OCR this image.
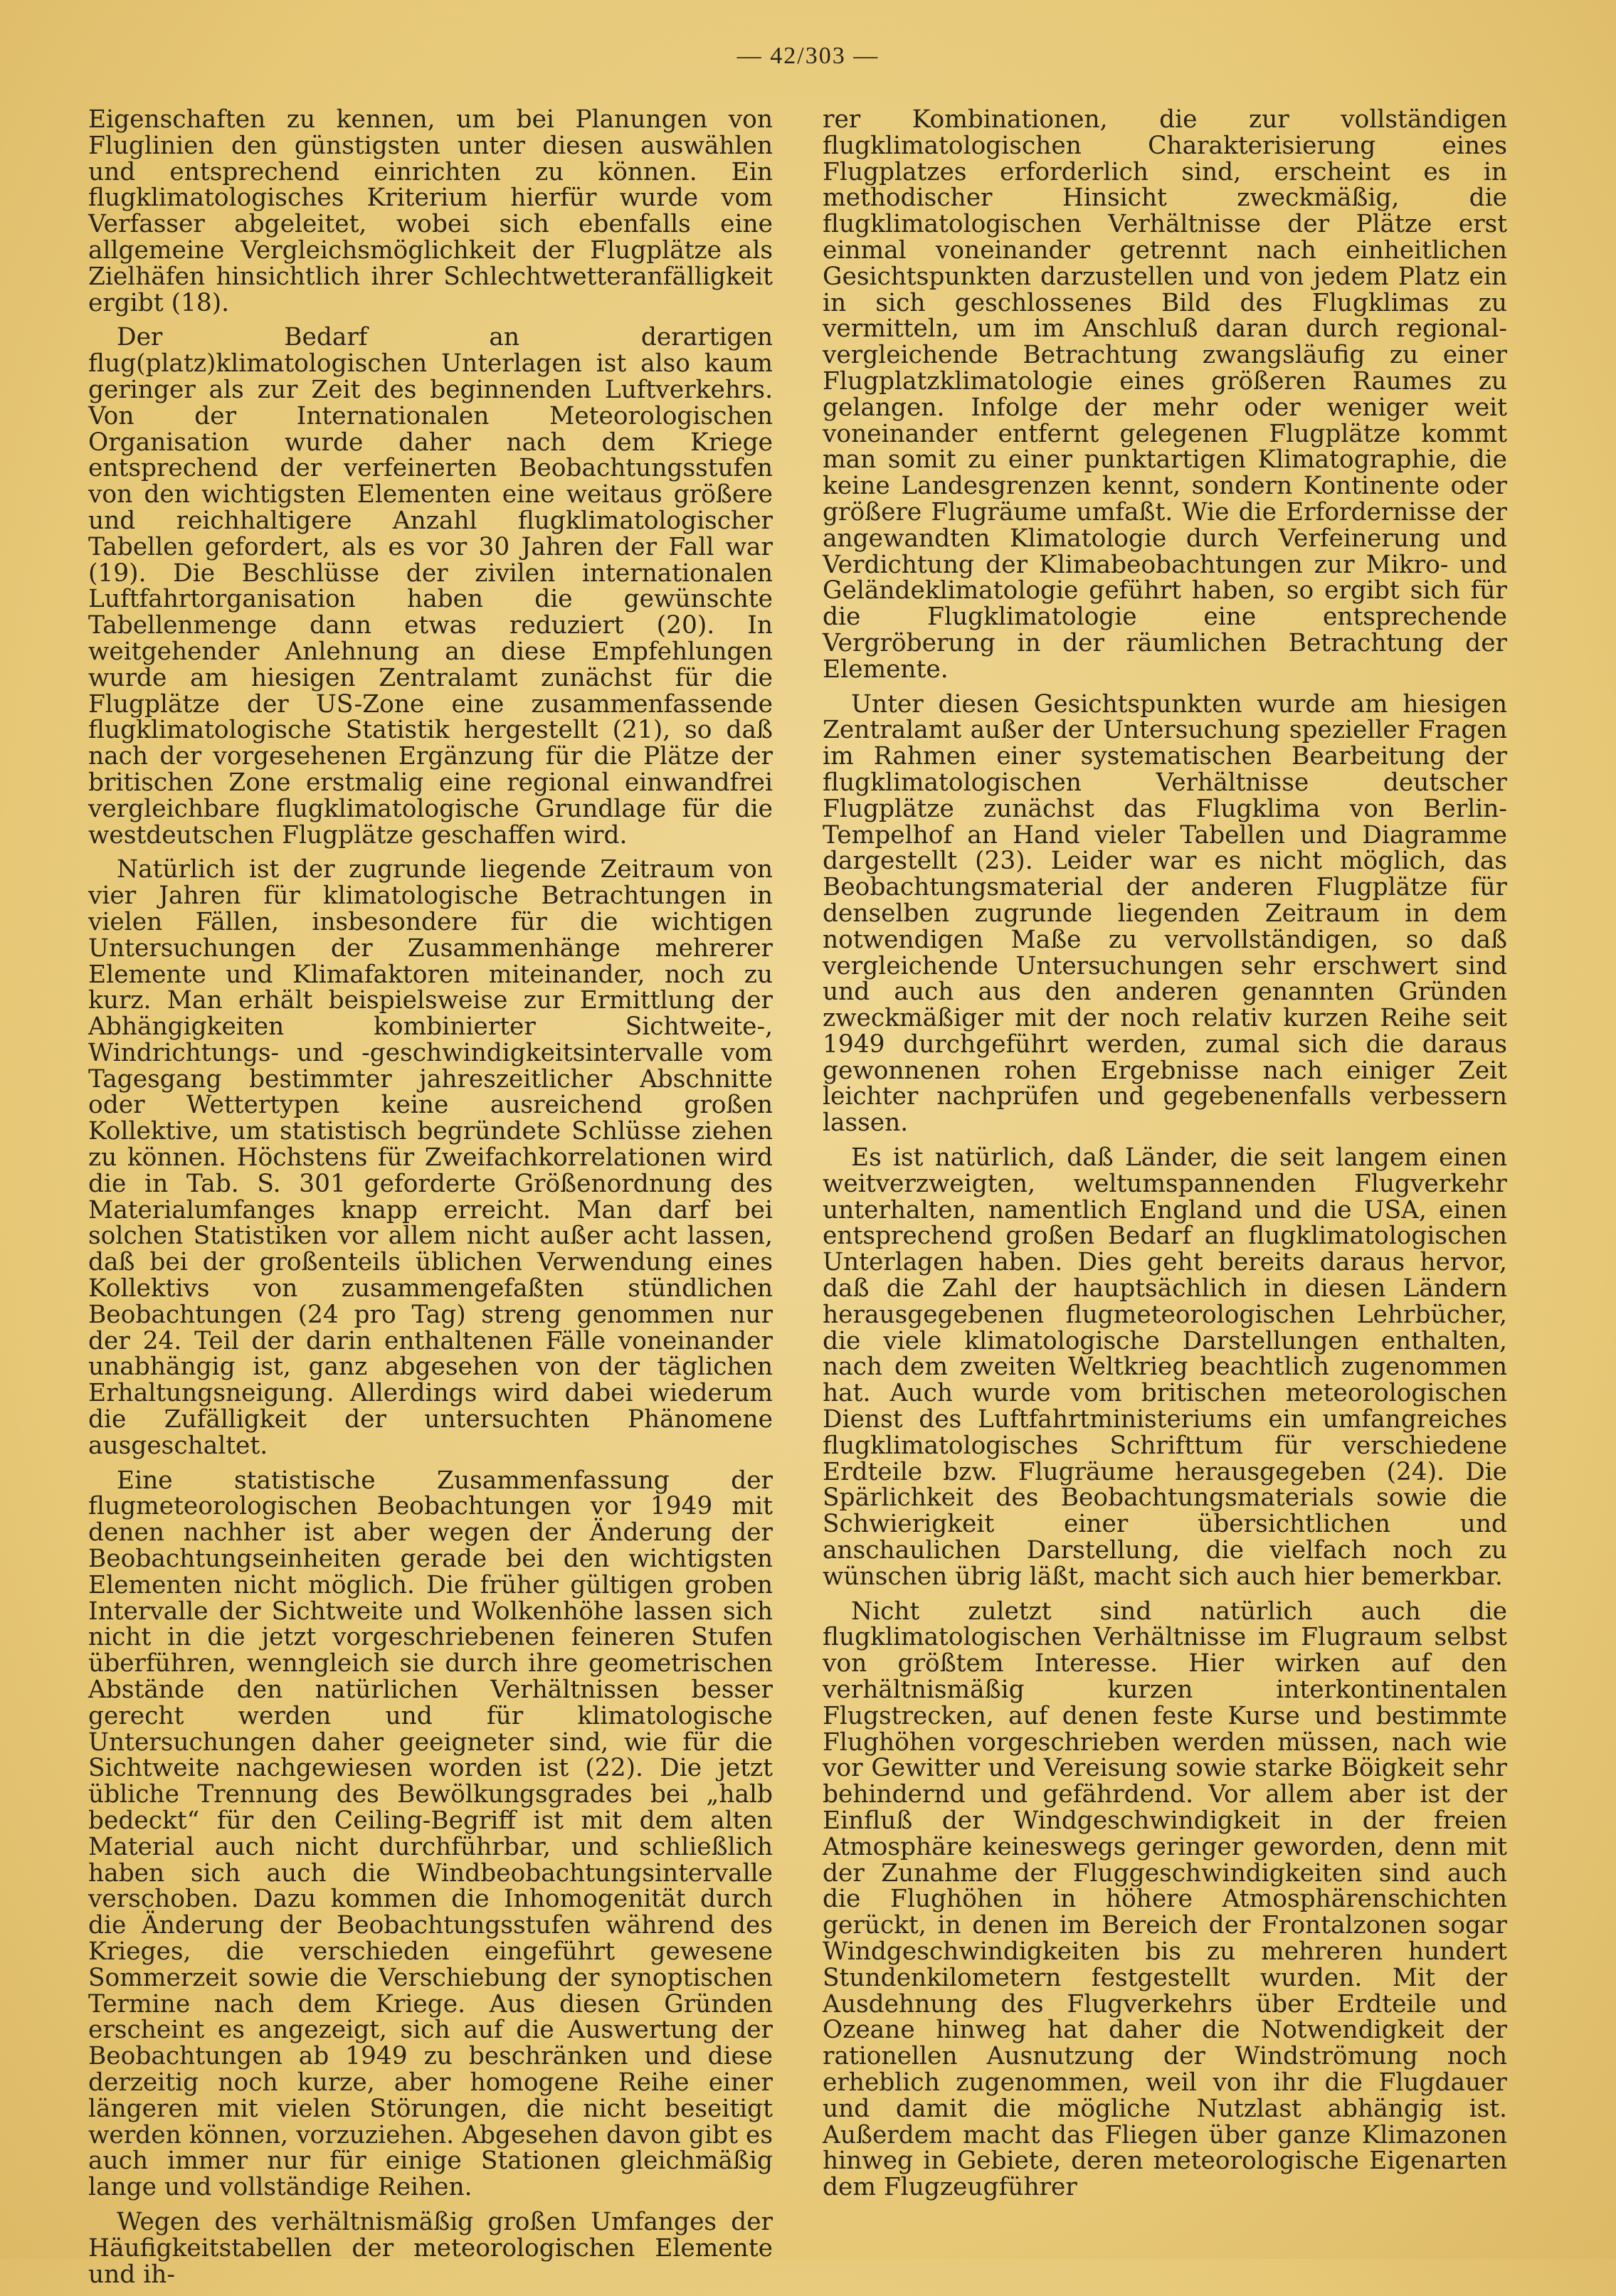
— 42/303 —

Eigenschaften zu kennen, um bei Planungen von Fluglinien den günstigsten unter diesen auswählen und entsprechend einrichten zu können. Ein flugklimatologisches Kriterium hierfür wurde vom Verfasser abgeleitet, wobei sich ebenfalls eine allgemeine Vergleichsmöglichkeit der Flugplätze als Zielhäfen hinsichtlich ihrer Schlechtwetteranfälligkeit ergibt (18).

Der Bedarf an derartigen flug(platz)klimatologischen Unterlagen ist also kaum geringer als zur Zeit des beginnenden Luftverkehrs. Von der Internationalen Meteorologischen Organisation wurde daher nach dem Kriege entsprechend der verfeinerten Beobachtungsstufen von den wichtigsten Elementen eine weitaus größere und reichhaltigere Anzahl flugklimatologischer Tabellen gefordert, als es vor 30 Jahren der Fall war (19). Die Beschlüsse der zivilen internationalen Luftfahrtorganisation haben die gewünschte Tabellenmenge dann etwas reduziert (20). In weitgehender Anlehnung an diese Empfehlungen wurde am hiesigen Zentralamt zunächst für die Flugplätze der US-Zone eine zusammenfassende flugklimatologische Statistik hergestellt (21), so daß nach der vorgesehenen Ergänzung für die Plätze der britischen Zone erstmalig eine regional einwandfrei vergleichbare flugklimatologische Grundlage für die westdeutschen Flugplätze geschaffen wird.

Natürlich ist der zugrunde liegende Zeitraum von vier Jahren für klimatologische Betrachtungen in vielen Fällen, insbesondere für die wichtigen Untersuchungen der Zusammenhänge mehrerer Elemente und Klimafaktoren miteinander, noch zu kurz. Man erhält beispielsweise zur Ermittlung der Abhängigkeiten kombinierter Sichtweite-, Windrichtungs- und -geschwindigkeitsintervalle vom Tagesgang bestimmter jahreszeitlicher Abschnitte oder Wettertypen keine ausreichend großen Kollektive, um statistisch begründete Schlüsse ziehen zu können. Höchstens für Zweifachkorrelationen wird die in Tab. S. 301 geforderte Größenordnung des Materialumfanges knapp erreicht. Man darf bei solchen Statistiken vor allem nicht außer acht lassen, daß bei der großenteils üblichen Verwendung eines Kollektivs von zusammengefaßten stündlichen Beobachtungen (24 pro Tag) streng genommen nur der 24. Teil der darin enthaltenen Fälle voneinander unabhängig ist, ganz abgesehen von der täglichen Erhaltungsneigung. Allerdings wird dabei wiederum die Zufälligkeit der untersuchten Phänomene ausgeschaltet.

Eine statistische Zusammenfassung der flugmeteorologischen Beobachtungen vor 1949 mit denen nachher ist aber wegen der Änderung der Beobachtungseinheiten gerade bei den wichtigsten Elementen nicht möglich. Die früher gültigen groben Intervalle der Sichtweite und Wolkenhöhe lassen sich nicht in die jetzt vorgeschriebenen feineren Stufen überführen, wenngleich sie durch ihre geometrischen Abstände den natürlichen Verhältnissen besser gerecht werden und für klimatologische Untersuchungen daher geeigneter sind, wie für die Sichtweite nachgewiesen worden ist (22). Die jetzt übliche Trennung des Bewölkungsgrades bei „halb bedeckt“ für den Ceiling-Begriff ist mit dem alten Material auch nicht durchführbar, und schließlich haben sich auch die Windbeobachtungsintervalle verschoben. Dazu kommen die Inhomogenität durch die Änderung der Beobachtungsstufen während des Krieges, die verschieden eingeführt gewesene Sommerzeit sowie die Verschiebung der synoptischen Termine nach dem Kriege. Aus diesen Gründen erscheint es angezeigt, sich auf die Auswertung der Beobachtungen ab 1949 zu beschränken und diese derzeitig noch kurze, aber homogene Reihe einer längeren mit vielen Störungen, die nicht beseitigt werden können, vorzuziehen. Abgesehen davon gibt es auch immer nur für einige Stationen gleichmäßig lange und vollständige Reihen.

Wegen des verhältnismäßig großen Umfanges der Häufigkeitstabellen der meteorologischen Elemente und ih-

rer Kombinationen, die zur vollständigen flugklimatologischen Charakterisierung eines Flugplatzes erforderlich sind, erscheint es in methodischer Hinsicht zweckmäßig, die flugklimatologischen Verhältnisse der Plätze erst einmal voneinander getrennt nach einheitlichen Gesichtspunkten darzustellen und von jedem Platz ein in sich geschlossenes Bild des Flugklimas zu vermitteln, um im Anschluß daran durch regional-vergleichende Betrachtung zwangsläufig zu einer Flugplatzklimatologie eines größeren Raumes zu gelangen. Infolge der mehr oder weniger weit voneinander entfernt gelegenen Flugplätze kommt man somit zu einer punktartigen Klimatographie, die keine Landesgrenzen kennt, sondern Kontinente oder größere Flugräume umfaßt. Wie die Erfordernisse der angewandten Klimatologie durch Verfeinerung und Verdichtung der Klimabeobachtungen zur Mikro- und Geländeklimatologie geführt haben, so ergibt sich für die Flugklimatologie eine entsprechende Vergröberung in der räumlichen Betrachtung der Elemente.

Unter diesen Gesichtspunkten wurde am hiesigen Zentralamt außer der Untersuchung spezieller Fragen im Rahmen einer systematischen Bearbeitung der flugklimatologischen Verhältnisse deutscher Flugplätze zunächst das Flugklima von Berlin-Tempelhof an Hand vieler Tabellen und Diagramme dargestellt (23). Leider war es nicht möglich, das Beobachtungsmaterial der anderen Flugplätze für denselben zugrunde liegenden Zeitraum in dem notwendigen Maße zu vervollständigen, so daß vergleichende Untersuchungen sehr erschwert sind und auch aus den anderen genannten Gründen zweckmäßiger mit der noch relativ kurzen Reihe seit 1949 durchgeführt werden, zumal sich die daraus gewonnenen rohen Ergebnisse nach einiger Zeit leichter nachprüfen und gegebenenfalls verbessern lassen.

Es ist natürlich, daß Länder, die seit langem einen weitverzweigten, weltumspannenden Flugverkehr unterhalten, namentlich England und die USA, einen entsprechend großen Bedarf an flugklimatologischen Unterlagen haben. Dies geht bereits daraus hervor, daß die Zahl der hauptsächlich in diesen Ländern herausgegebenen flugmeteorologischen Lehrbücher, die viele klimatologische Darstellungen enthalten, nach dem zweiten Weltkrieg beachtlich zugenommen hat. Auch wurde vom britischen meteorologischen Dienst des Luftfahrtministeriums ein umfangreiches flugklimatologisches Schrifttum für verschiedene Erdteile bzw. Flugräume herausgegeben (24). Die Spärlichkeit des Beobachtungsmaterials sowie die Schwierigkeit einer übersichtlichen und anschaulichen Darstellung, die vielfach noch zu wünschen übrig läßt, macht sich auch hier bemerkbar.

Nicht zuletzt sind natürlich auch die flugklimatologischen Verhältnisse im Flugraum selbst von größtem Interesse. Hier wirken auf den verhältnismäßig kurzen interkontinentalen Flugstrecken, auf denen feste Kurse und bestimmte Flughöhen vorgeschrieben werden müssen, nach wie vor Gewitter und Vereisung sowie starke Böigkeit sehr behindernd und gefährdend. Vor allem aber ist der Einfluß der Windgeschwindigkeit in der freien Atmosphäre keineswegs geringer geworden, denn mit der Zunahme der Fluggeschwindigkeiten sind auch die Flughöhen in höhere Atmosphärenschichten gerückt, in denen im Bereich der Frontalzonen sogar Windgeschwindigkeiten bis zu mehreren hundert Stundenkilometern festgestellt wurden. Mit der Ausdehnung des Flugverkehrs über Erdteile und Ozeane hinweg hat daher die Notwendigkeit der rationellen Ausnutzung der Windströmung noch erheblich zugenommen, weil von ihr die Flugdauer und damit die mögliche Nutzlast abhängig ist. Außerdem macht das Fliegen über ganze Klimazonen hinweg in Gebiete, deren meteorologische Eigenarten dem Flugzeugführer
